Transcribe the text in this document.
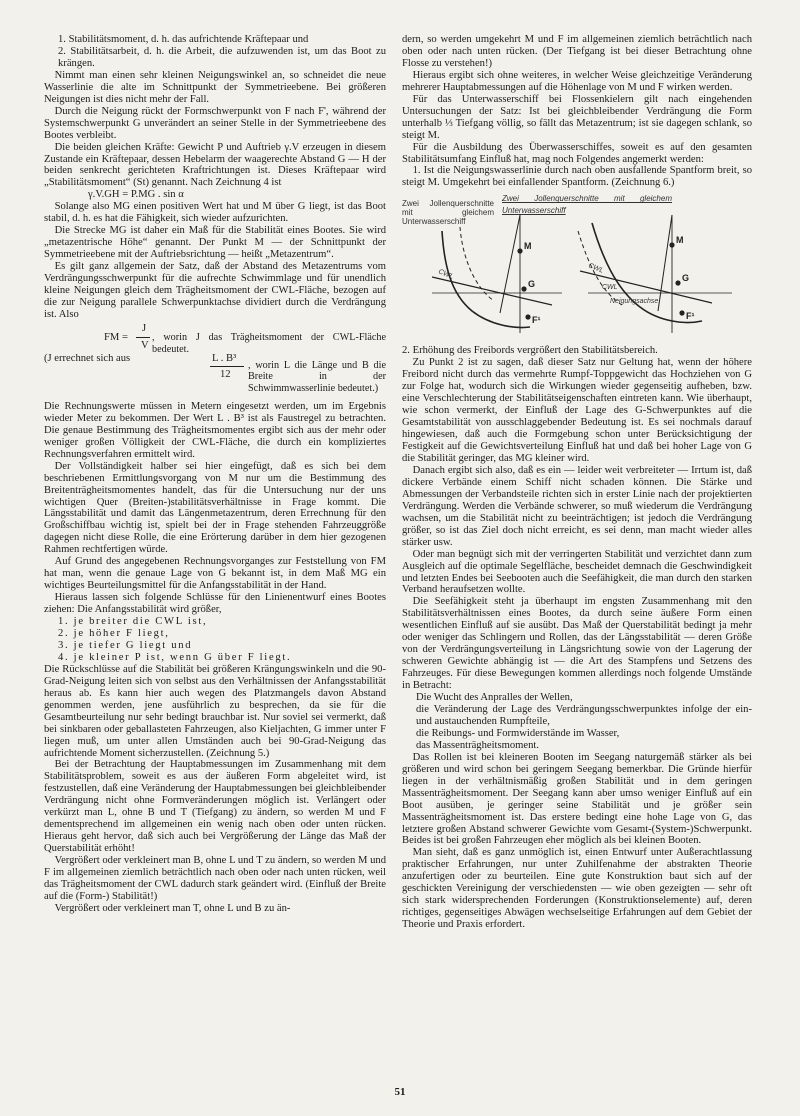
1. Stabilitätsmoment, d. h. das aufrichtende Kräftepaar und

2. Stabilitätsarbeit, d. h. die Arbeit, die aufzuwenden ist, um das Boot zu krängen.

Nimmt man einen sehr kleinen Neigungswinkel an, so schneidet die neue Wasserlinie die alte im Schnittpunkt der Symmetrieebene. Bei größeren Neigungen ist dies nicht mehr der Fall.

Durch die Neigung rückt der Formschwerpunkt von F nach F', während der Systemschwerpunkt G unverändert an seiner Stelle in der Symmetrieebene des Bootes verbleibt.

Die beiden gleichen Kräfte: Gewicht P und Auftrieb γ.V erzeugen in diesem Zustande ein Kräftepaar, dessen Hebelarm der waagerechte Abstand G — H der beiden senkrecht gerichteten Kraftrichtungen ist. Dieses Kräftepaar wird „Stabilitätsmoment“ (St) genannt. Nach Zeichnung 4 ist

γ.V.GH = P.MG . sin α

Solange also MG einen positiven Wert hat und M über G liegt, ist das Boot stabil, d. h. es hat die Fähigkeit, sich wieder aufzurichten.

Die Strecke MG ist daher ein Maß für die Stabilität eines Bootes. Sie wird „metazentrische Höhe“ genannt. Der Punkt M — der Schnittpunkt der Symmetrieebene mit der Auftriebsrichtung — heißt „Metazentrum“.

Es gilt ganz allgemein der Satz, daß der Abstand des Metazentrums vom Verdrängungsschwerpunkt für die aufrechte Schwimmlage und für unendlich kleine Neigungen gleich dem Trägheitsmoment der CWL-Fläche, bezogen auf die zur Neigung parallele Schwerpunktachse dividiert durch die Verdrängung ist. Also

J
FM =
V
, worin J das Trägheitsmoment der CWL-Fläche bedeutet.
(J errechnet sich aus	L . B³
12
, worin L die Länge und B die Breite in der Schwimmwasserlinie bedeutet.)

Die Rechnungswerte müssen in Metern eingesetzt werden, um im Ergebnis wieder Meter zu bekommen. Der Wert L . B³ ist als Faustregel zu betrachten. Die genaue Bestimmung des Trägheitsmomentes ergibt sich aus der mehr oder weniger großen Völligkeit der CWL-Fläche, die durch ein kompliziertes Rechnungsverfahren ermittelt wird.

Der Vollständigkeit halber sei hier eingefügt, daß es sich bei dem beschriebenen Ermittlungsvorgang von M nur um die Bestimmung des Breitenträgheitsmomentes handelt, das für die Untersuchung nur der uns wichtigen Quer (Breiten-)stabilitätsverhältnisse in Frage kommt. Die Längsstabilität und damit das Längenmetazentrum, deren Errechnung für den Großschiffbau wichtig ist, spielt bei der in Frage stehenden Fahrzeuggröße dagegen nicht diese Rolle, die eine Erörterung darüber in dem hier gezogenen Rahmen rechtfertigen würde.

Auf Grund des angegebenen Rechnungsvorganges zur Feststellung von FM hat man, wenn die genaue Lage von G bekannt ist, in dem Maß MG ein wichtiges Beurteilungsmittel für die Anfangsstabilität in der Hand.

Hieraus lassen sich folgende Schlüsse für den Linienentwurf eines Bootes ziehen: Die Anfangsstabilität wird größer,

1. je breiter die CWL ist,

2. je höher F liegt,

3. je tiefer G liegt und

4. je kleiner P ist, wenn G über F liegt.

Die Rückschlüsse auf die Stabilität bei größeren Krängungswinkeln und die 90-Grad-Neigung leiten sich von selbst aus den Verhältnissen der Anfangsstabilität heraus ab. Es kann hier auch wegen des Platzmangels davon Abstand genommen werden, jene ausführlich zu besprechen, da sie für die Gesamtbeurteilung nur sehr bedingt brauchbar ist. Nur soviel sei vermerkt, daß bei sinkbaren oder geballasteten Fahrzeugen, also Kieljachten, G immer unter F liegen muß, um unter allen Umständen auch bei 90-Grad-Neigung das aufrichtende Moment sicherzustellen. (Zeichnung 5.)

Bei der Betrachtung der Hauptabmessungen im Zusammenhang mit dem Stabilitätsproblem, soweit es aus der äußeren Form abgeleitet wird, ist festzustellen, daß eine Veränderung der Hauptabmessungen bei gleichbleibender Verdrängung nicht ohne Formveränderungen möglich ist. Verlängert oder verkürzt man L, ohne B und T (Tiefgang) zu ändern, so werden M und F dementsprechend im allgemeinen ein wenig nach oben oder unten rücken. Hieraus geht hervor, daß sich auch bei Vergrößerung der Länge das Maß der Querstabilität erhöht!

Vergrößert oder verkleinert man B, ohne L und T zu ändern, so werden M und F im allgemeinen ziemlich beträchtlich nach oben oder nach unten rücken, weil das Trägheitsmoment der CWL dadurch stark geändert wird. (Einfluß der Breite auf die (Form-) Stabilität!)

Vergrößert oder verkleinert man T, ohne L und B zu än-

dern, so werden umgekehrt M und F im allgemeinen ziemlich beträchtlich nach oben oder nach unten rücken. (Der Tiefgang ist bei dieser Betrachtung ohne Flosse zu verstehen!)

Hieraus ergibt sich ohne weiteres, in welcher Weise gleichzeitige Veränderung mehrerer Hauptabmessungen auf die Höhenlage von M und F wirken werden.

Für das Unterwasserschiff bei Flossenkielern gilt nach eingehenden Untersuchungen der Satz: Ist bei gleichbleibender Verdrängung die Form unterhalb ⅓ Tiefgang völlig, so fällt das Metazentrum; ist sie dagegen schlank, so steigt M.

Für die Ausbildung des Überwasserschiffes, soweit es auf den gesamten Stabilitätsumfang Einfluß hat, mag noch Folgendes angemerkt werden:

1. Ist die Neigungswasserlinie durch nach oben ausfallende Spantform breit, so steigt M. Umgekehrt bei einfallender Spantform. (Zeichnung 6.)

Zwei Jollenquerschnitte mit gleichem Unterwasserschiff
Zwei Jollenquerschnitte mit gleichem Unterwasserschiff
M
M
G
G
F¹	F¹
CWL	CWL
CWL
Neigungsachse

2. Erhöhung des Freibords vergrößert den Stabilitätsbereich.

Zu Punkt 2 ist zu sagen, daß dieser Satz nur Geltung hat, wenn der höhere Freibord nicht durch das vermehrte Rumpf-Toppgewicht das Hochziehen von G zur Folge hat, wodurch sich die Wirkungen wieder gegenseitig aufheben, bzw. eine Verschlechterung der Stabilitätseigenschaften eintreten kann. Wie überhaupt, wie schon vermerkt, der Einfluß der Lage des G-Schwerpunktes auf die Gesamtstabilität von ausschlaggebender Bedeutung ist. Es sei nochmals darauf hingewiesen, daß auch die Formgebung schon unter Berücksichtigung der Festigkeit auf die Gewichtsverteilung Einfluß hat und daß bei hoher Lage von G die Stabilität geringer, das MG kleiner wird.

Danach ergibt sich also, daß es ein — leider weit verbreiteter — Irrtum ist, daß dickere Verbände einem Schiff nicht schaden können. Die Stärke und Abmessungen der Verbandsteile richten sich in erster Linie nach der projektierten Verdrängung. Werden die Verbände schwerer, so muß wiederum die Verdrängung wachsen, um die Stabilität nicht zu beeinträchtigen; ist jedoch die Verdrängung größer, so ist das Ziel doch nicht erreicht, es sei denn, man macht wieder alles stärker usw.

Oder man begnügt sich mit der verringerten Stabilität und verzichtet dann zum Ausgleich auf die optimale Segelfläche, bescheidet demnach die Geschwindigkeit und letzten Endes bei Seebooten auch die Seefähigkeit, die man durch den starken Verband heraufsetzen wollte.

Die Seefähigkeit steht ja überhaupt im engsten Zusammenhang mit den Stabilitätsverhältnissen eines Bootes, da durch seine äußere Form einen wesentlichen Einfluß auf sie ausübt. Das Maß der Querstabilität bedingt ja mehr oder weniger das Schlingern und Rollen, das der Längsstabilität — deren Größe von der Verdrängungsverteilung in Längsrichtung sowie von der Lagerung der schweren Gewichte abhängig ist — die Art des Stampfens und Setzens des Fahrzeuges. Für diese Bewegungen kommen allerdings noch folgende Umstände in Betracht:

Die Wucht des Anpralles der Wellen,

die Veränderung der Lage des Verdrängungsschwerpunktes infolge der ein- und austauchenden Rumpfteile,

die Reibungs- und Formwiderstände im Wasser,

das Massenträgheitsmoment.

Das Rollen ist bei kleineren Booten im Seegang naturgemäß stärker als bei größeren und wird schon bei geringem Seegang bemerkbar. Die Gründe hierfür liegen in der verhältnismäßig großen Stabilität und in dem geringen Massenträgheitsmoment. Der Seegang kann aber umso weniger Einfluß auf ein Boot ausüben, je geringer seine Stabilität und je größer sein Massenträgheitsmoment ist. Das erstere bedingt eine hohe Lage von G, das letztere großen Abstand schwerer Gewichte vom Gesamt-(System-)Schwerpunkt. Beides ist bei großen Fahrzeugen eher möglich als bei kleinen Booten.

Man sieht, daß es ganz unmöglich ist, einen Entwurf unter Außerachtlassung praktischer Erfahrungen, nur unter Zuhilfenahme der abstrakten Theorie anzufertigen oder zu beurteilen. Eine gute Konstruktion baut sich auf der geschickten Vereinigung der verschiedensten — wie oben gezeigten — sehr oft sich stark widersprechenden Forderungen (Konstruktionselemente) auf, deren richtiges, gegenseitiges Abwägen wechselseitige Erfahrungen auf dem Gebiet der Theorie und Praxis erfordert.

51
